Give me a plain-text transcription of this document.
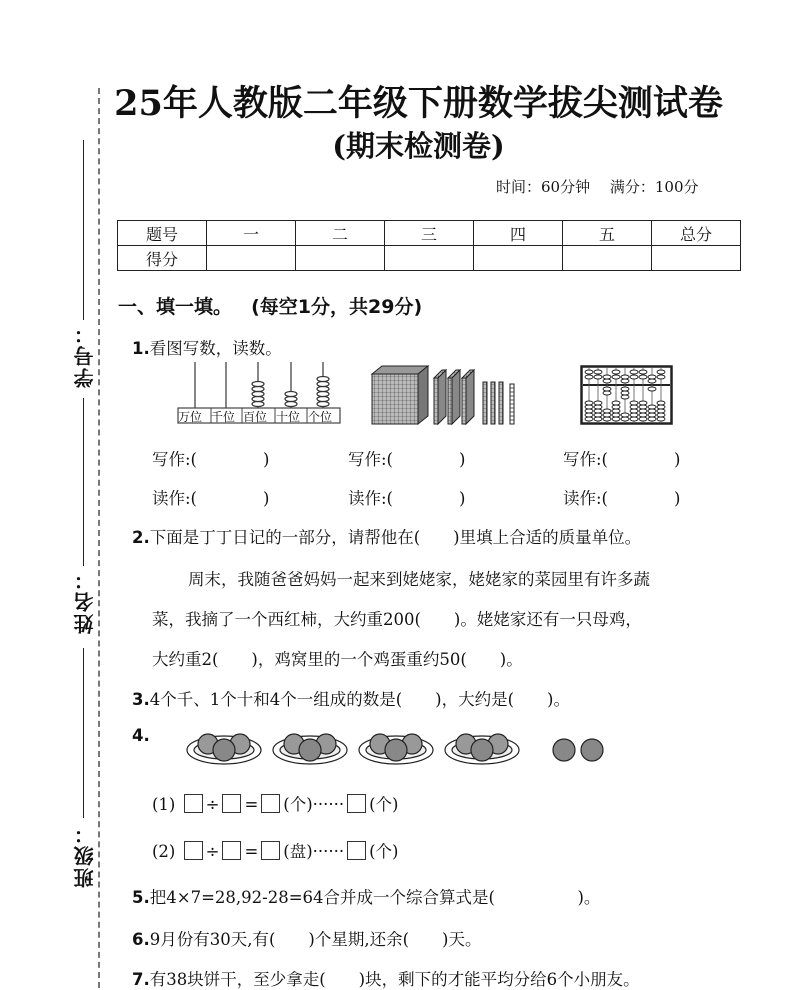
学号：
姓名：
班级：
25年人教版二年级下册数学拔尖测试卷
(期末检测卷)
时间：60分钟　 满分：100分
题号	一	二	三	四	五	总分
得分						
一、填一填。 (每空1分，共29分)
1.看图写数，读数。
万位 千位 百位 十位 个位
写作:(　　　　)	写作:(　　　　)	写作:(　　　　)
读作:(　　　　)	读作:(　　　　)	读作:(　　　　)
2.下面是丁丁日记的一部分，请帮他在(　　)里填上合适的质量单位。
周末，我随爸爸妈妈一起来到姥姥家，姥姥家的菜园里有许多蔬
菜，我摘了一个西红柿，大约重200(　　)。姥姥家还有一只母鸡，
大约重2(　　)，鸡窝里的一个鸡蛋重约50(　　)。
3.4个千、1个十和4个一组成的数是(　　)，大约是(　　)。
4.
(1) ÷ = (个)······ (个)
(2) ÷ = (盘)······ (个)
5.把4×7=28,92-28=64合并成一个综合算式是(　　　　　)。
6.9月份有30天,有(　　)个星期,还余(　　)天。
7.有38块饼干，至少拿走(　　)块，剩下的才能平均分给6个小朋友。
